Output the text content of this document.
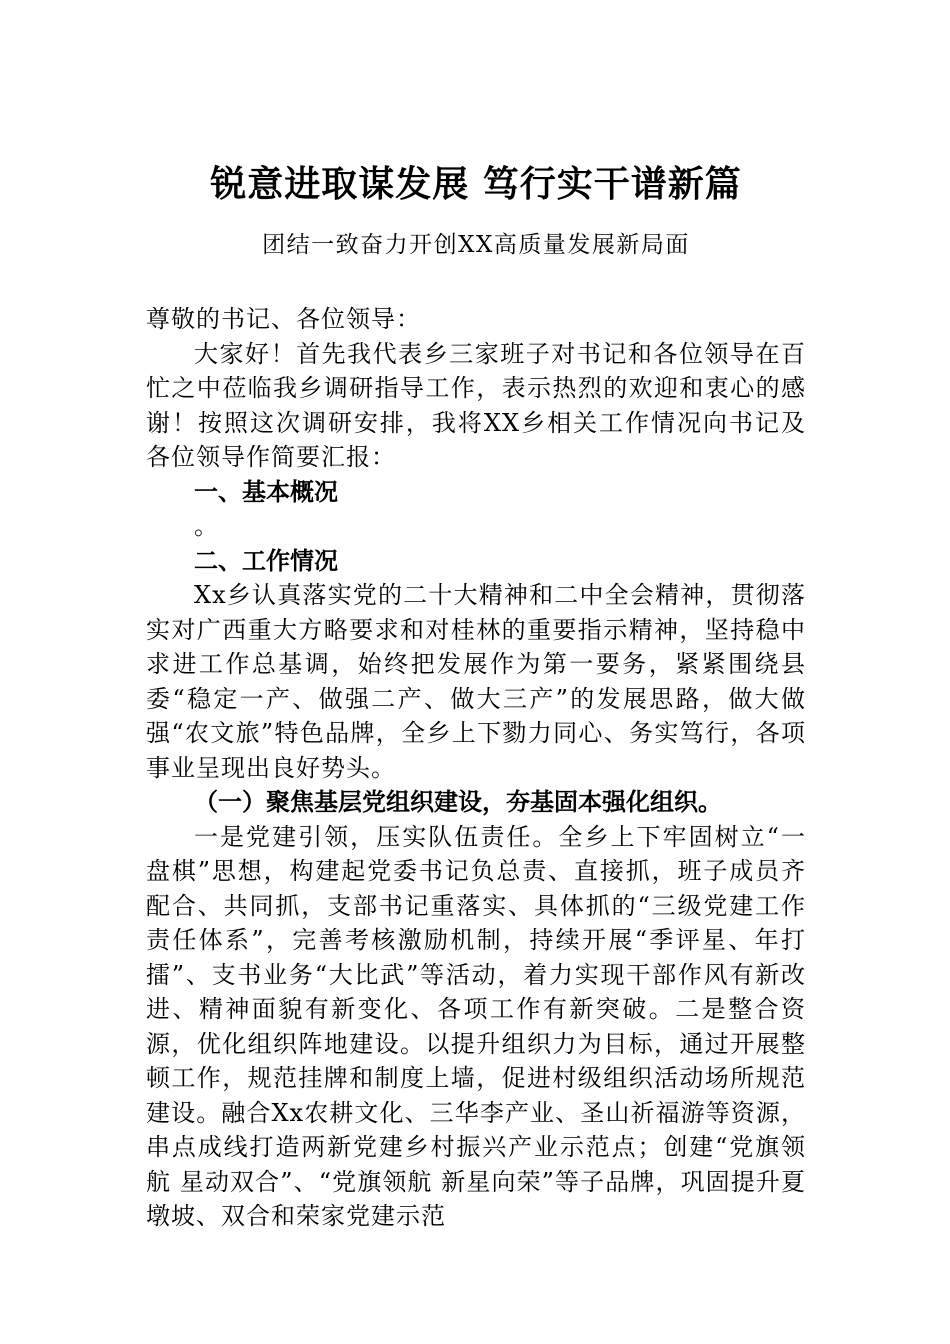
锐意进取谋发展 笃行实干谱新篇

团结一致奋力开创XX高质量发展新局面

尊敬的书记、各位领导：

大家好！首先我代表乡三家班子对书记和各位领导在百忙之中莅临我乡调研指导工作，表示热烈的欢迎和衷心的感谢！按照这次调研安排，我将XX乡相关工作情况向书记及各位领导作简要汇报：

一、基本概况

。

二、工作情况

Xx乡认真落实党的二十大精神和二中全会精神，贯彻落实对广西重大方略要求和对桂林的重要指示精神，坚持稳中求进工作总基调，始终把发展作为第一要务，紧紧围绕县委“稳定一产、做强二产、做大三产”的发展思路，做大做强“农文旅”特色品牌，全乡上下勠力同心、务实笃行，各项事业呈现出良好势头。

（一）聚焦基层党组织建设，夯基固本强化组织。

一是党建引领，压实队伍责任。全乡上下牢固树立“一盘棋”思想，构建起党委书记负总责、直接抓，班子成员齐配合、共同抓，支部书记重落实、具体抓的“三级党建工作责任体系”，完善考核激励机制，持续开展“季评星、年打擂”、支书业务“大比武”等活动，着力实现干部作风有新改进、精神面貌有新变化、各项工作有新突破。二是整合资源，优化组织阵地建设。以提升组织力为目标，通过开展整顿工作，规范挂牌和制度上墙，促进村级组织活动场所规范建设。融合Xx农耕文化、三华李产业、圣山祈福游等资源，串点成线打造两新党建乡村振兴产业示范点；创建“党旗领航 星动双合”、“党旗领航 新星向荣”等子品牌，巩固提升夏墩坡、双合和荣家党建示范
